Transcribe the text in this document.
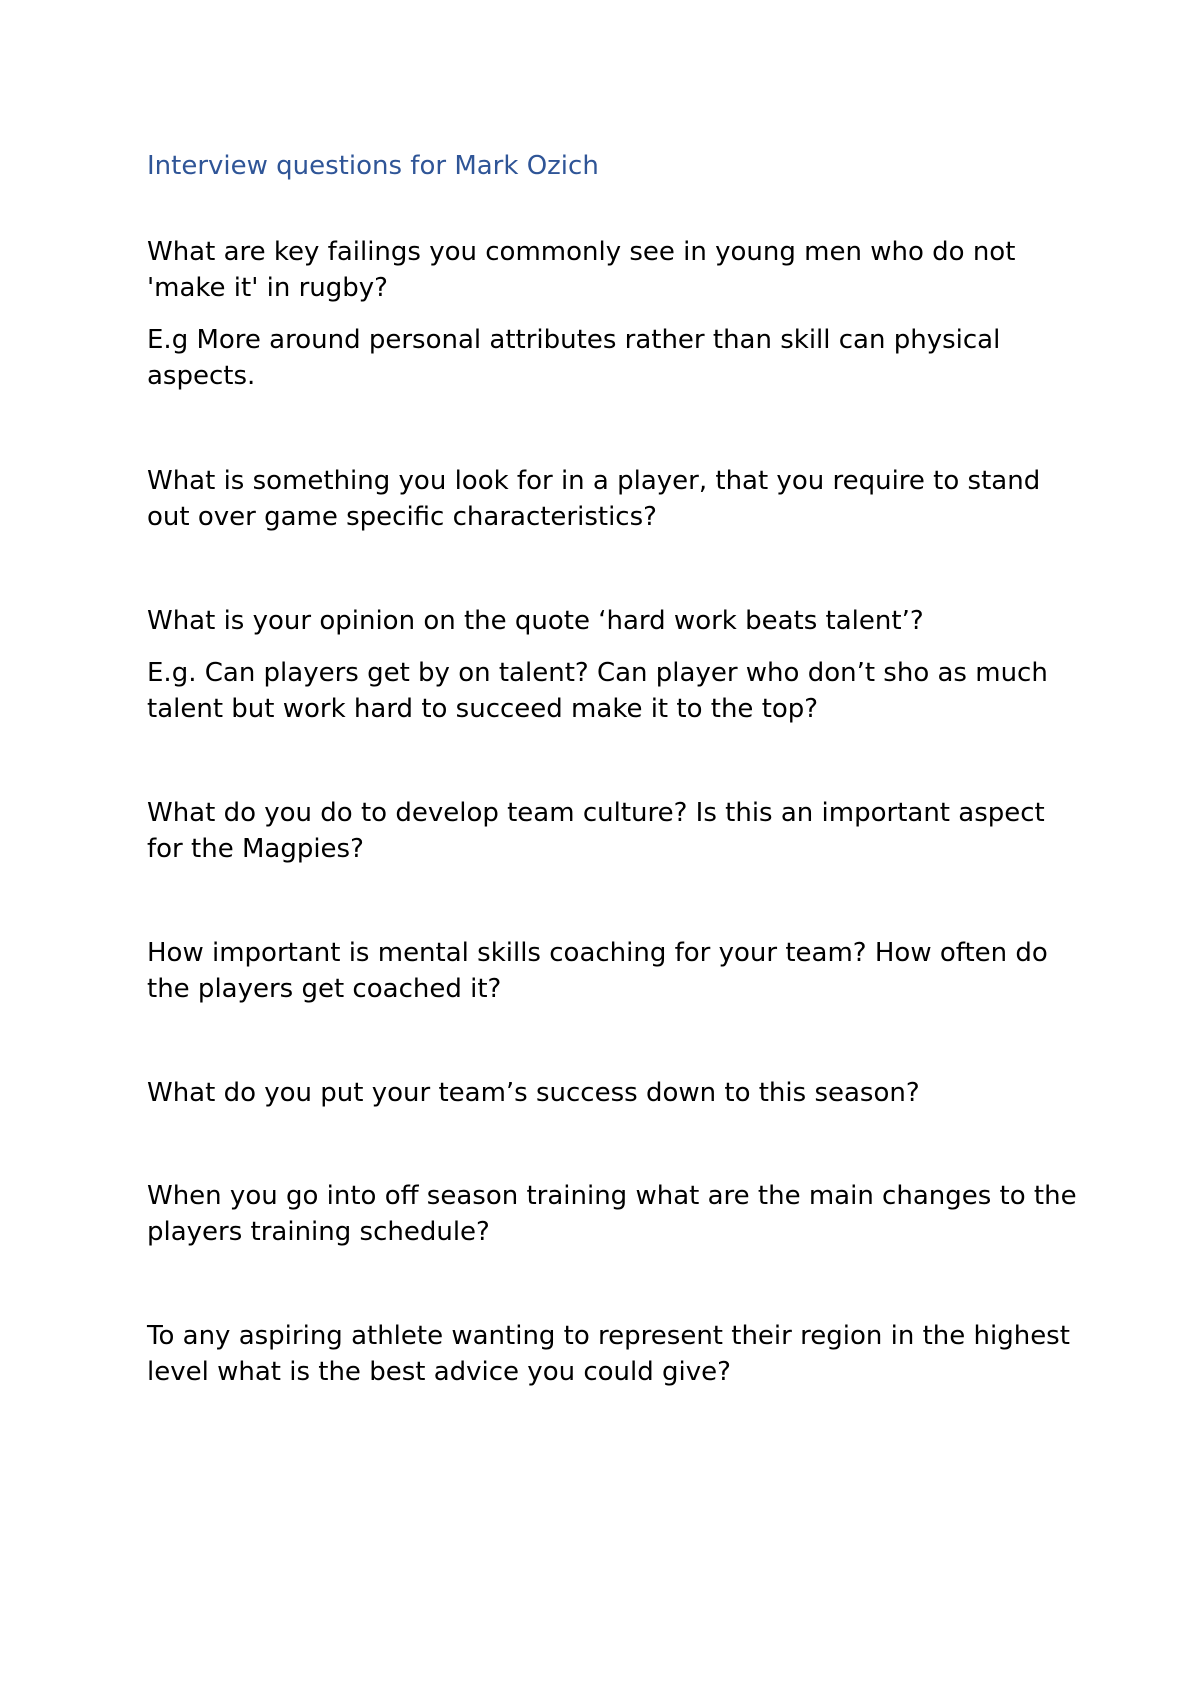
Interview questions for Mark Ozich

What are key failings you commonly see in young men who do not 'make it' in rugby?

E.g More around personal attributes rather than skill can physical aspects.

What is something you look for in a player, that you require to stand out over game specific characteristics?

What is your opinion on the quote ‘hard work beats talent’?

E.g. Can players get by on talent? Can player who don’t sho as much talent but work hard to succeed make it to the top?

What do you do to develop team culture? Is this an important aspect for the Magpies?

How important is mental skills coaching for your team? How often do the players get coached it?

What do you put your team’s success down to this season?

When you go into off season training what are the main changes to the players training schedule?

To any aspiring athlete wanting to represent their region in the highest level what is the best advice you could give?
